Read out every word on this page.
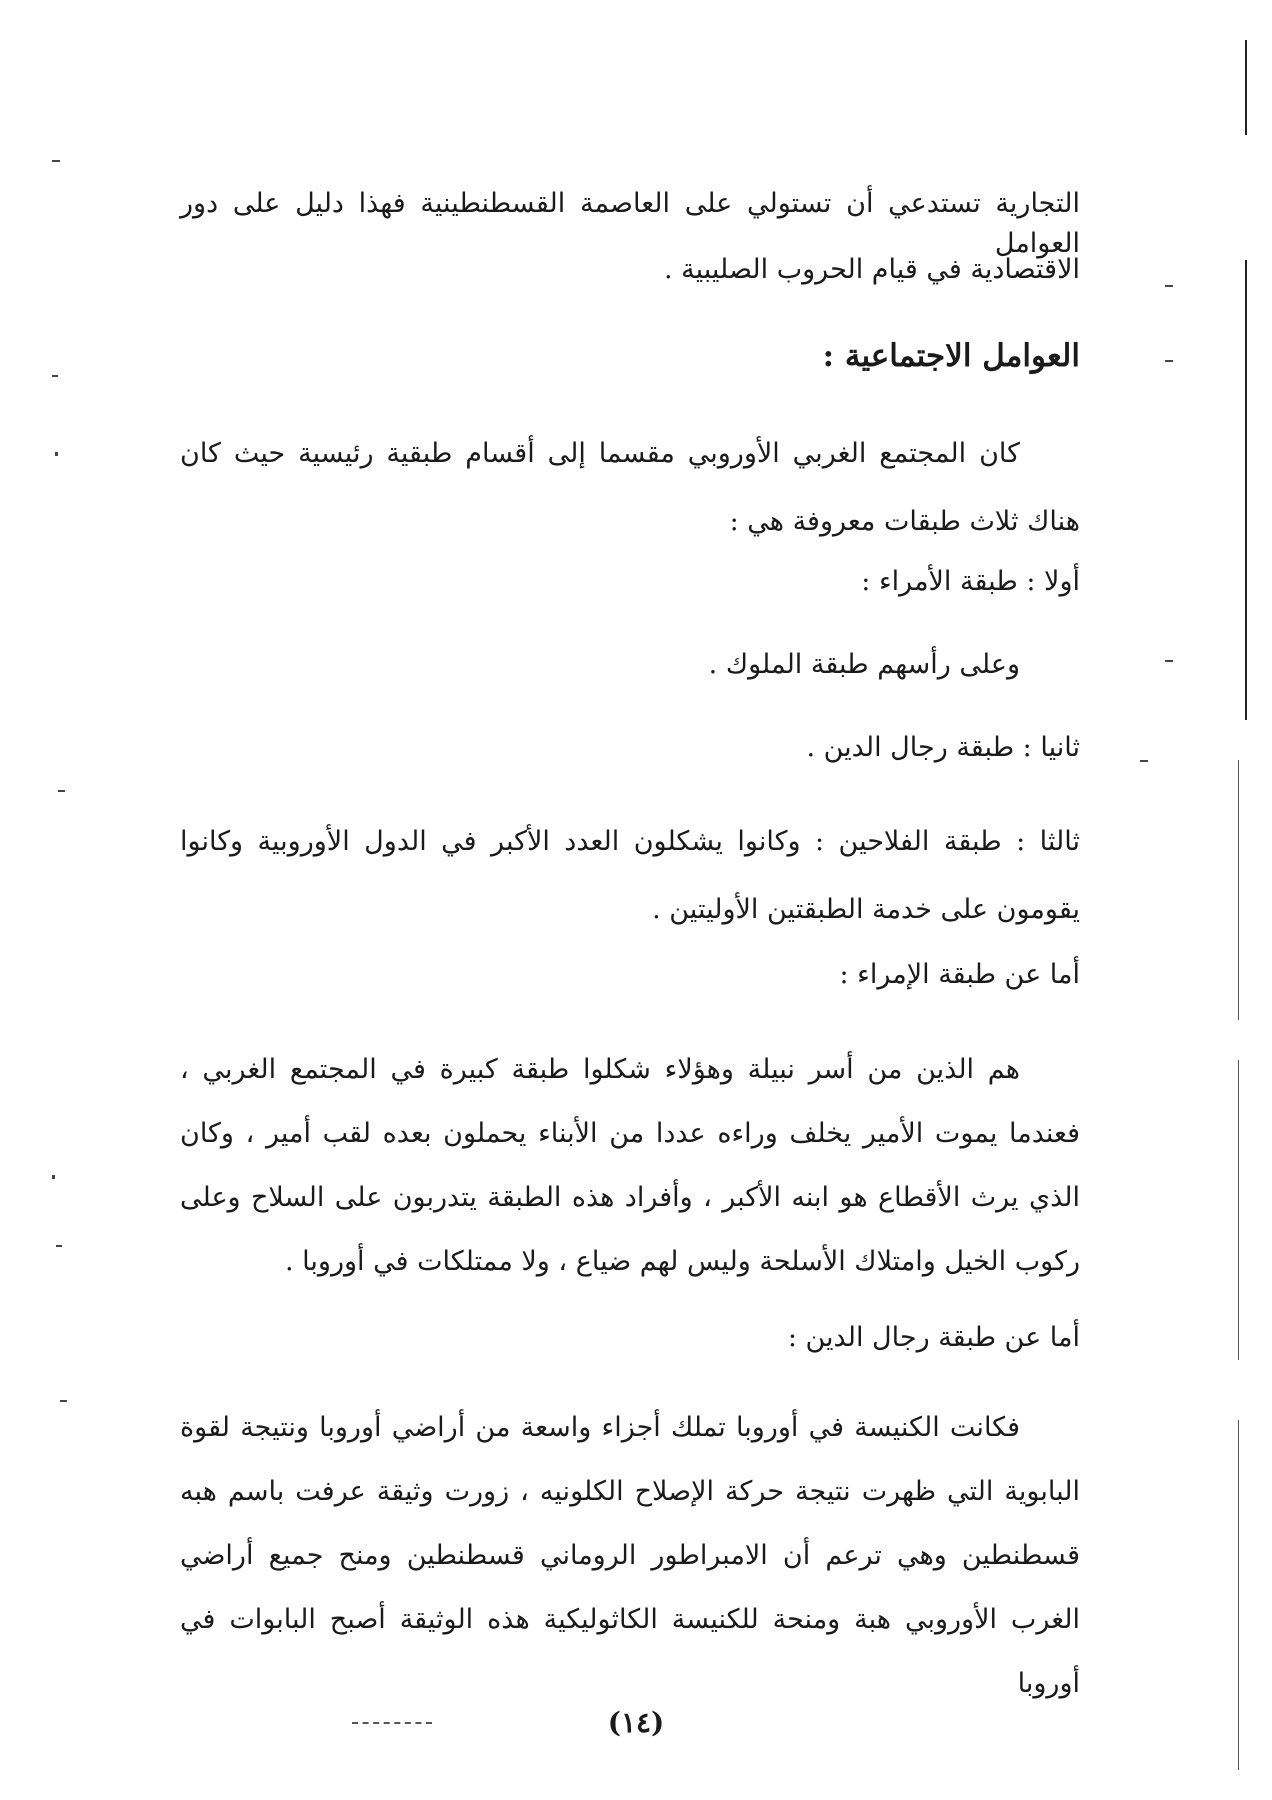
التجارية تستدعي أن تستولي على العاصمة القسطنطينية فهذا دليل على دور العوامل
الاقتصادية في قيام الحروب الصليبية .
العوامل الاجتماعية :
كان المجتمع الغربي الأوروبي مقسما إلى أقسام طبقية رئيسية حيث كان هناك ثلاث طبقات معروفة هي :
أولا : طبقة الأمراء :
وعلى رأسهم طبقة الملوك .
ثانيا : طبقة رجال الدين .
ثالثا : طبقة الفلاحين : وكانوا يشكلون العدد الأكبر في الدول الأوروبية وكانوا يقومون على خدمة الطبقتين الأوليتين .
أما عن طبقة الإمراء :
هم الذين من أسر نبيلة وهؤلاء شكلوا طبقة كبيرة في المجتمع الغربي ، فعندما يموت الأمير يخلف وراءه عددا من الأبناء يحملون بعده لقب أمير ، وكان الذي يرث الأقطاع هو ابنه الأكبر ، وأفراد هذه الطبقة يتدربون على السلاح وعلى ركوب الخيل وامتلاك الأسلحة وليس لهم ضياع ، ولا ممتلكات في أوروبا .
أما عن طبقة رجال الدين :
فكانت الكنيسة في أوروبا تملك أجزاء واسعة من أراضي أوروبا ونتيجة لقوة البابوية التي ظهرت نتيجة حركة الإصلاح الكلونيه ، زورت وثيقة عرفت باسم هبه قسطنطين وهي ترعم أن الامبراطور الروماني قسطنطين ومنح جميع أراضي الغرب الأوروبي هبة ومنحة للكنيسة الكاثوليكية هذه الوثيقة أصبح البابوات في أوروبا
(١٤)
